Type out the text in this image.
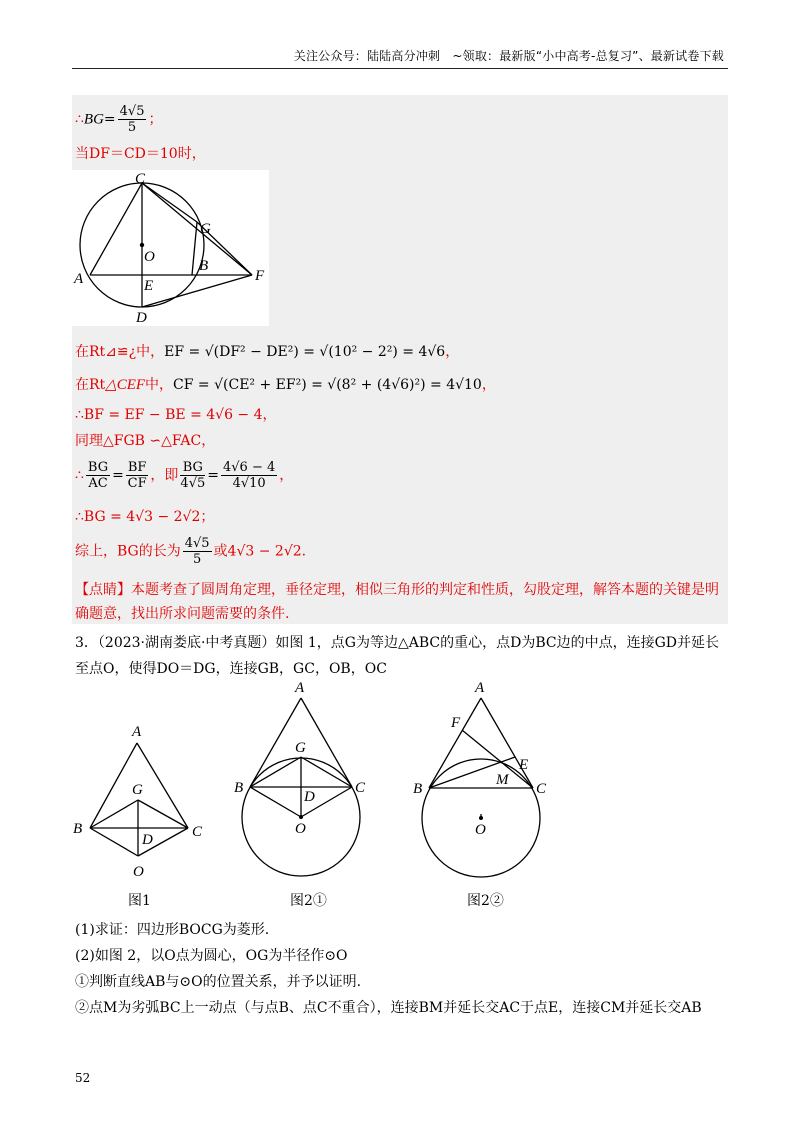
关注公众号：陆陆高分冲刺　~领取：最新版“小中高考-总复习”、最新试卷下载
∴BG= $\frac{4√5}{5}$ ；
当DF＝CD＝10时，
C
G
O
B
F
A	E
D
在Rt⊿≌¿中，EF = √(DF² − DE²) = √(10² − 2²) = 4√6，
在Rt△CEF中，CF = √(CE² + EF²) = √(8² + (4√6)²) = 4√10，
∴BF = EF − BE = 4√6 − 4，
同理△FGB ∽△FAC，
∴ $\frac{BG}{AC} = \frac{BF}{CF}$ ，即 $\frac{BG}{4√5} = \frac{4√6 - 4}{4√10}$ ，
∴BG = 4√3 − 2√2；
综上，BG的长为 $\frac{4√5}{5}$ 或4√3 − 2√2.
【点睛】本题考查了圆周角定理，垂径定理，相似三角形的判定和性质，勾股定理，解答本题的关键是明
确题意，找出所求问题需要的条件.
3．（2023·湖南娄底·中考真题）如图 1，点G为等边△ABC的重心，点D为BC边的中点，连接GD并延长
至点O，使得DO＝DG，连接GB，GC，OB，OC
A
G
B	C
D
O
图1
A
G
B	C
D
O
图2①
A
F
E
M
B	C
O
图2②
(1)求证：四边形BOCG为菱形.
(2)如图 2，以O点为圆心，OG为半径作⊙O
①判断直线AB与⊙O的位置关系，并予以证明.
②点M为劣弧BC上一动点（与点B、点C不重合），连接BM并延长交AC于点E，连接CM并延长交AB
52
